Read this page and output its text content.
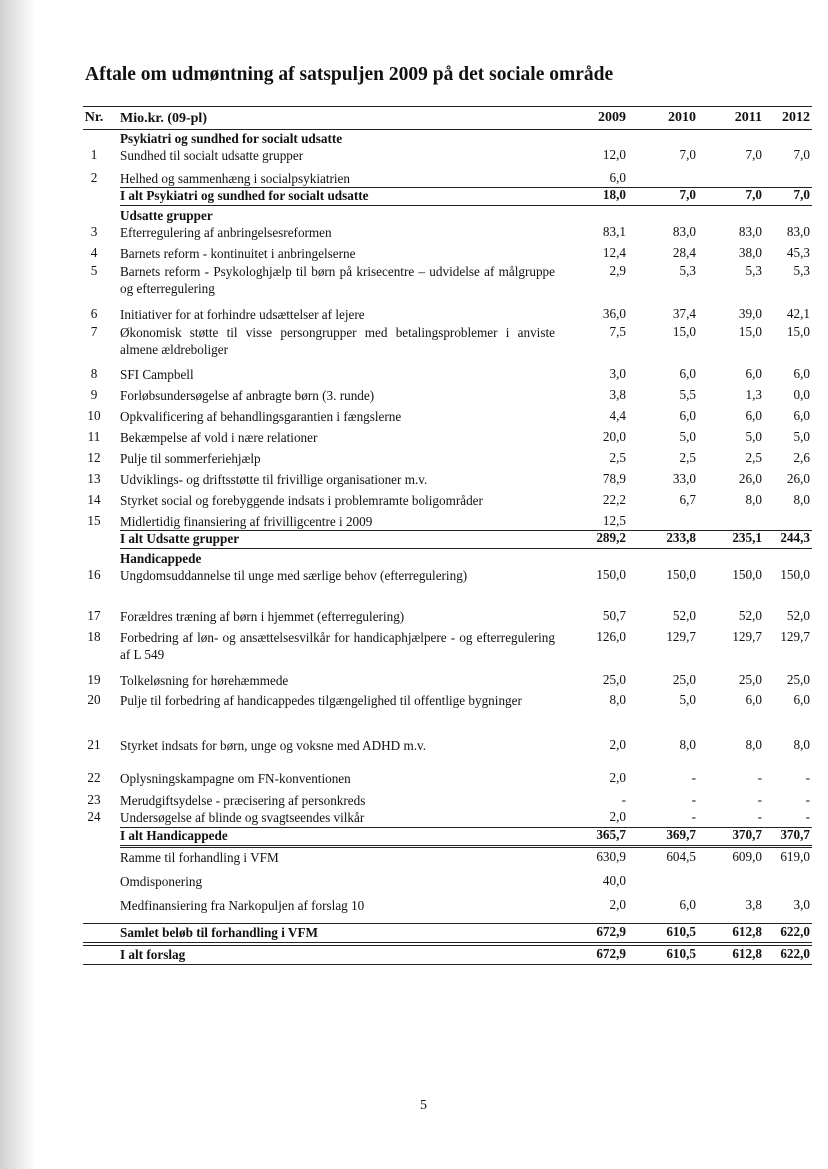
Aftale om udmøntning af satspuljen 2009 på det sociale område
Nr. Mio.kr. (09-pl)	2009	2010	2011	2012
Psykiatri og sundhed for socialt udsatte
1	Sundhed til socialt udsatte grupper	12,0	7,0	7,0	7,0
2	Helhed og sammenhæng i socialpsykiatrien	6,0
I alt Psykiatri og sundhed for socialt udsatte	18,0	7,0	7,0	7,0
Udsatte grupper
3	Efterregulering af anbringelsesreformen	83,1	83,0	83,0	83,0
4	Barnets reform - kontinuitet i anbringelserne	12,4	28,4	38,0	45,3
5	Barnets reform - Psykologhjælp til børn på krisecentre – udvidelse af målgruppe og efterregulering
2,9	5,3	5,3	5,3
6	Initiativer for at forhindre udsættelser af lejere	36,0	37,4	39,0	42,1
7	Økonomisk støtte til visse persongrupper med betalingsproblemer i anviste almene ældreboliger
7,5	15,0	15,0	15,0
8	SFI Campbell	3,0	6,0	6,0	6,0
9	Forløbsundersøgelse af anbragte børn (3. runde)	3,8	5,5	1,3	0,0
10	Opkvalificering af behandlingsgarantien i fængslerne	4,4	6,0	6,0	6,0
11	Bekæmpelse af vold i nære relationer	20,0	5,0	5,0	5,0
12	Pulje til sommerferiehjælp	2,5	2,5	2,5	2,6
13	Udviklings- og driftsstøtte til frivillige organisationer m.v.	78,9	33,0	26,0	26,0
14	Styrket social og forebyggende indsats i problemramte boligområder	22,2	6,7	8,0	8,0
15	Midlertidig finansiering af frivilligcentre i 2009	12,5
I alt Udsatte grupper	289,2	233,8	235,1	244,3
Handicappede
16	Ungdomsuddannelse til unge med særlige behov (efterregulering)	150,0	150,0	150,0	150,0
17	Forældres træning af børn i hjemmet (efterregulering)	50,7	52,0	52,0	52,0
18	Forbedring af løn- og ansættelsesvilkår for handicaphjælpere - og efterregulering af L 549
126,0	129,7	129,7	129,7
19	Tolkeløsning for hørehæmmede	25,0	25,0	25,0	25,0
20	Pulje til forbedring af handicappedes tilgængelighed til offentlige bygninger	8,0	5,0	6,0	6,0
21	Styrket indsats for børn, unge og voksne med ADHD m.v.	2,0	8,0	8,0	8,0
22	Oplysningskampagne om FN-konventionen	2,0	-	-	-
23	Merudgiftsydelse - præcisering af personkreds	-	-	-	-
24	Undersøgelse af blinde og svagtseendes vilkår	2,0	-	-	-
I alt Handicappede	365,7	369,7	370,7	370,7
Ramme til forhandling i VFM	630,9	604,5	609,0	619,0
Omdisponering	40,0
Medfinansiering fra Narkopuljen af forslag 10	2,0	6,0	3,8	3,0
Samlet beløb til forhandling i VFM	672,9	610,5	612,8	622,0
I alt forslag	672,9	610,5	612,8	622,0
5
